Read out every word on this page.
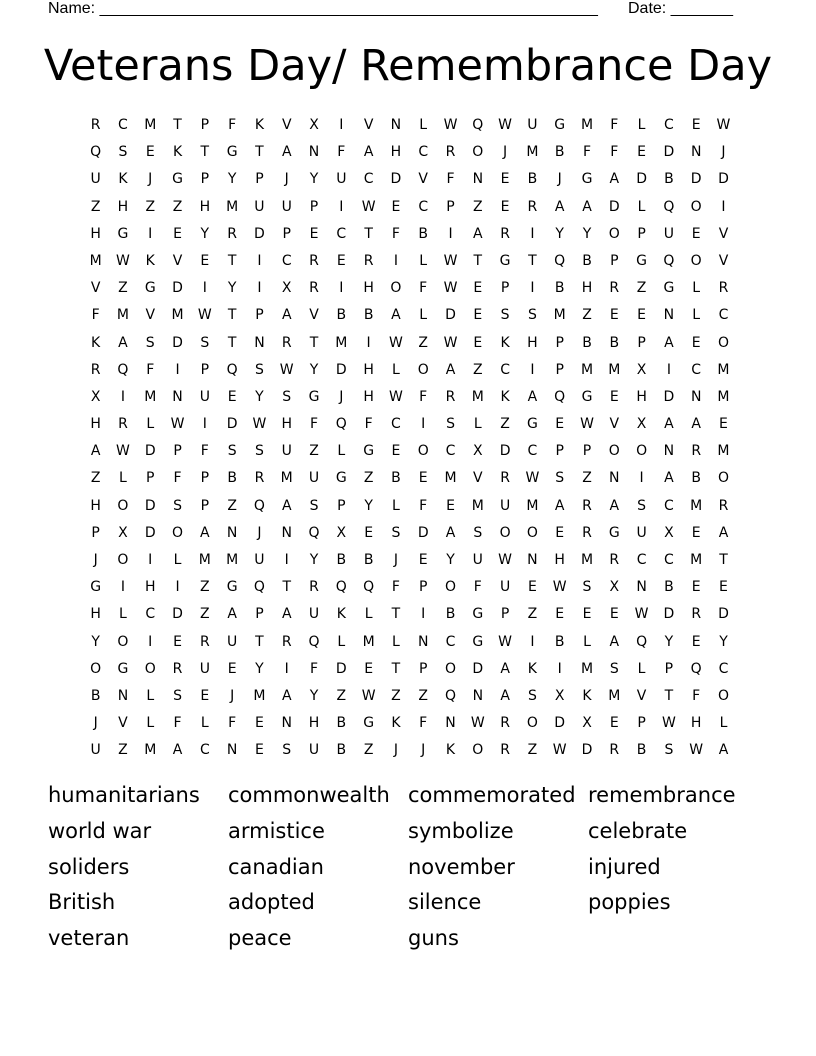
Name: ________________________________________________________

Date: _______

Veterans Day/ Remembrance Day
R	C	M	T	P	F	K	V	X	I	V	N	L	W	Q	W	U	G	M	F	L	C	E	W
Q	S	E	K	T	G	T	A	N	F	A	H	C	R	O	J	M	B	F	F	E	D	N	J
U	K	J	G	P	Y	P	J	Y	U	C	D	V	F	N	E	B	J	G	A	D	B	D	D
Z	H	Z	Z	H	M	U	U	P	I	W	E	C	P	Z	E	R	A	A	D	L	Q	O	I
H	G	I	E	Y	R	D	P	E	C	T	F	B	I	A	R	I	Y	Y	O	P	U	E	V
M	W	K	V	E	T	I	C	R	E	R	I	L	W	T	G	T	Q	B	P	G	Q	O	V
V	Z	G	D	I	Y	I	X	R	I	H	O	F	W	E	P	I	B	H	R	Z	G	L	R
F	M	V	M	W	T	P	A	V	B	B	A	L	D	E	S	S	M	Z	E	E	N	L	C
K	A	S	D	S	T	N	R	T	M	I	W	Z	W	E	K	H	P	B	B	P	A	E	O
R	Q	F	I	P	Q	S	W	Y	D	H	L	O	A	Z	C	I	P	M	M	X	I	C	M
X	I	M	N	U	E	Y	S	G	J	H	W	F	R	M	K	A	Q	G	E	H	D	N	M
H	R	L	W	I	D	W	H	F	Q	F	C	I	S	L	Z	G	E	W	V	X	A	A	E
A	W	D	P	F	S	S	U	Z	L	G	E	O	C	X	D	C	P	P	O	O	N	R	M
Z	L	P	F	P	B	R	M	U	G	Z	B	E	M	V	R	W	S	Z	N	I	A	B	O
H	O	D	S	P	Z	Q	A	S	P	Y	L	F	E	M	U	M	A	R	A	S	C	M	R
P	X	D	O	A	N	J	N	Q	X	E	S	D	A	S	O	O	E	R	G	U	X	E	A
J	O	I	L	M	M	U	I	Y	B	B	J	E	Y	U	W	N	H	M	R	C	C	M	T
G	I	H	I	Z	G	Q	T	R	Q	Q	F	P	O	F	U	E	W	S	X	N	B	E	E
H	L	C	D	Z	A	P	A	U	K	L	T	I	B	G	P	Z	E	E	E	W	D	R	D
Y	O	I	E	R	U	T	R	Q	L	M	L	N	C	G	W	I	B	L	A	Q	Y	E	Y
O	G	O	R	U	E	Y	I	F	D	E	T	P	O	D	A	K	I	M	S	L	P	Q	C
B	N	L	S	E	J	M	A	Y	Z	W	Z	Z	Q	N	A	S	X	K	M	V	T	F	O
J	V	L	F	L	F	E	N	H	B	G	K	F	N	W	R	O	D	X	E	P	W	H	L
U	Z	M	A	C	N	E	S	U	B	Z	J	J	K	O	R	Z	W	D	R	B	S	W	A
humanitarians	commonwealth commemorated remembrance
world war	armistice	symbolize	celebrate
soliders	canadian	november	injured
British	adopted	silence	poppies
veteran	peace	guns
